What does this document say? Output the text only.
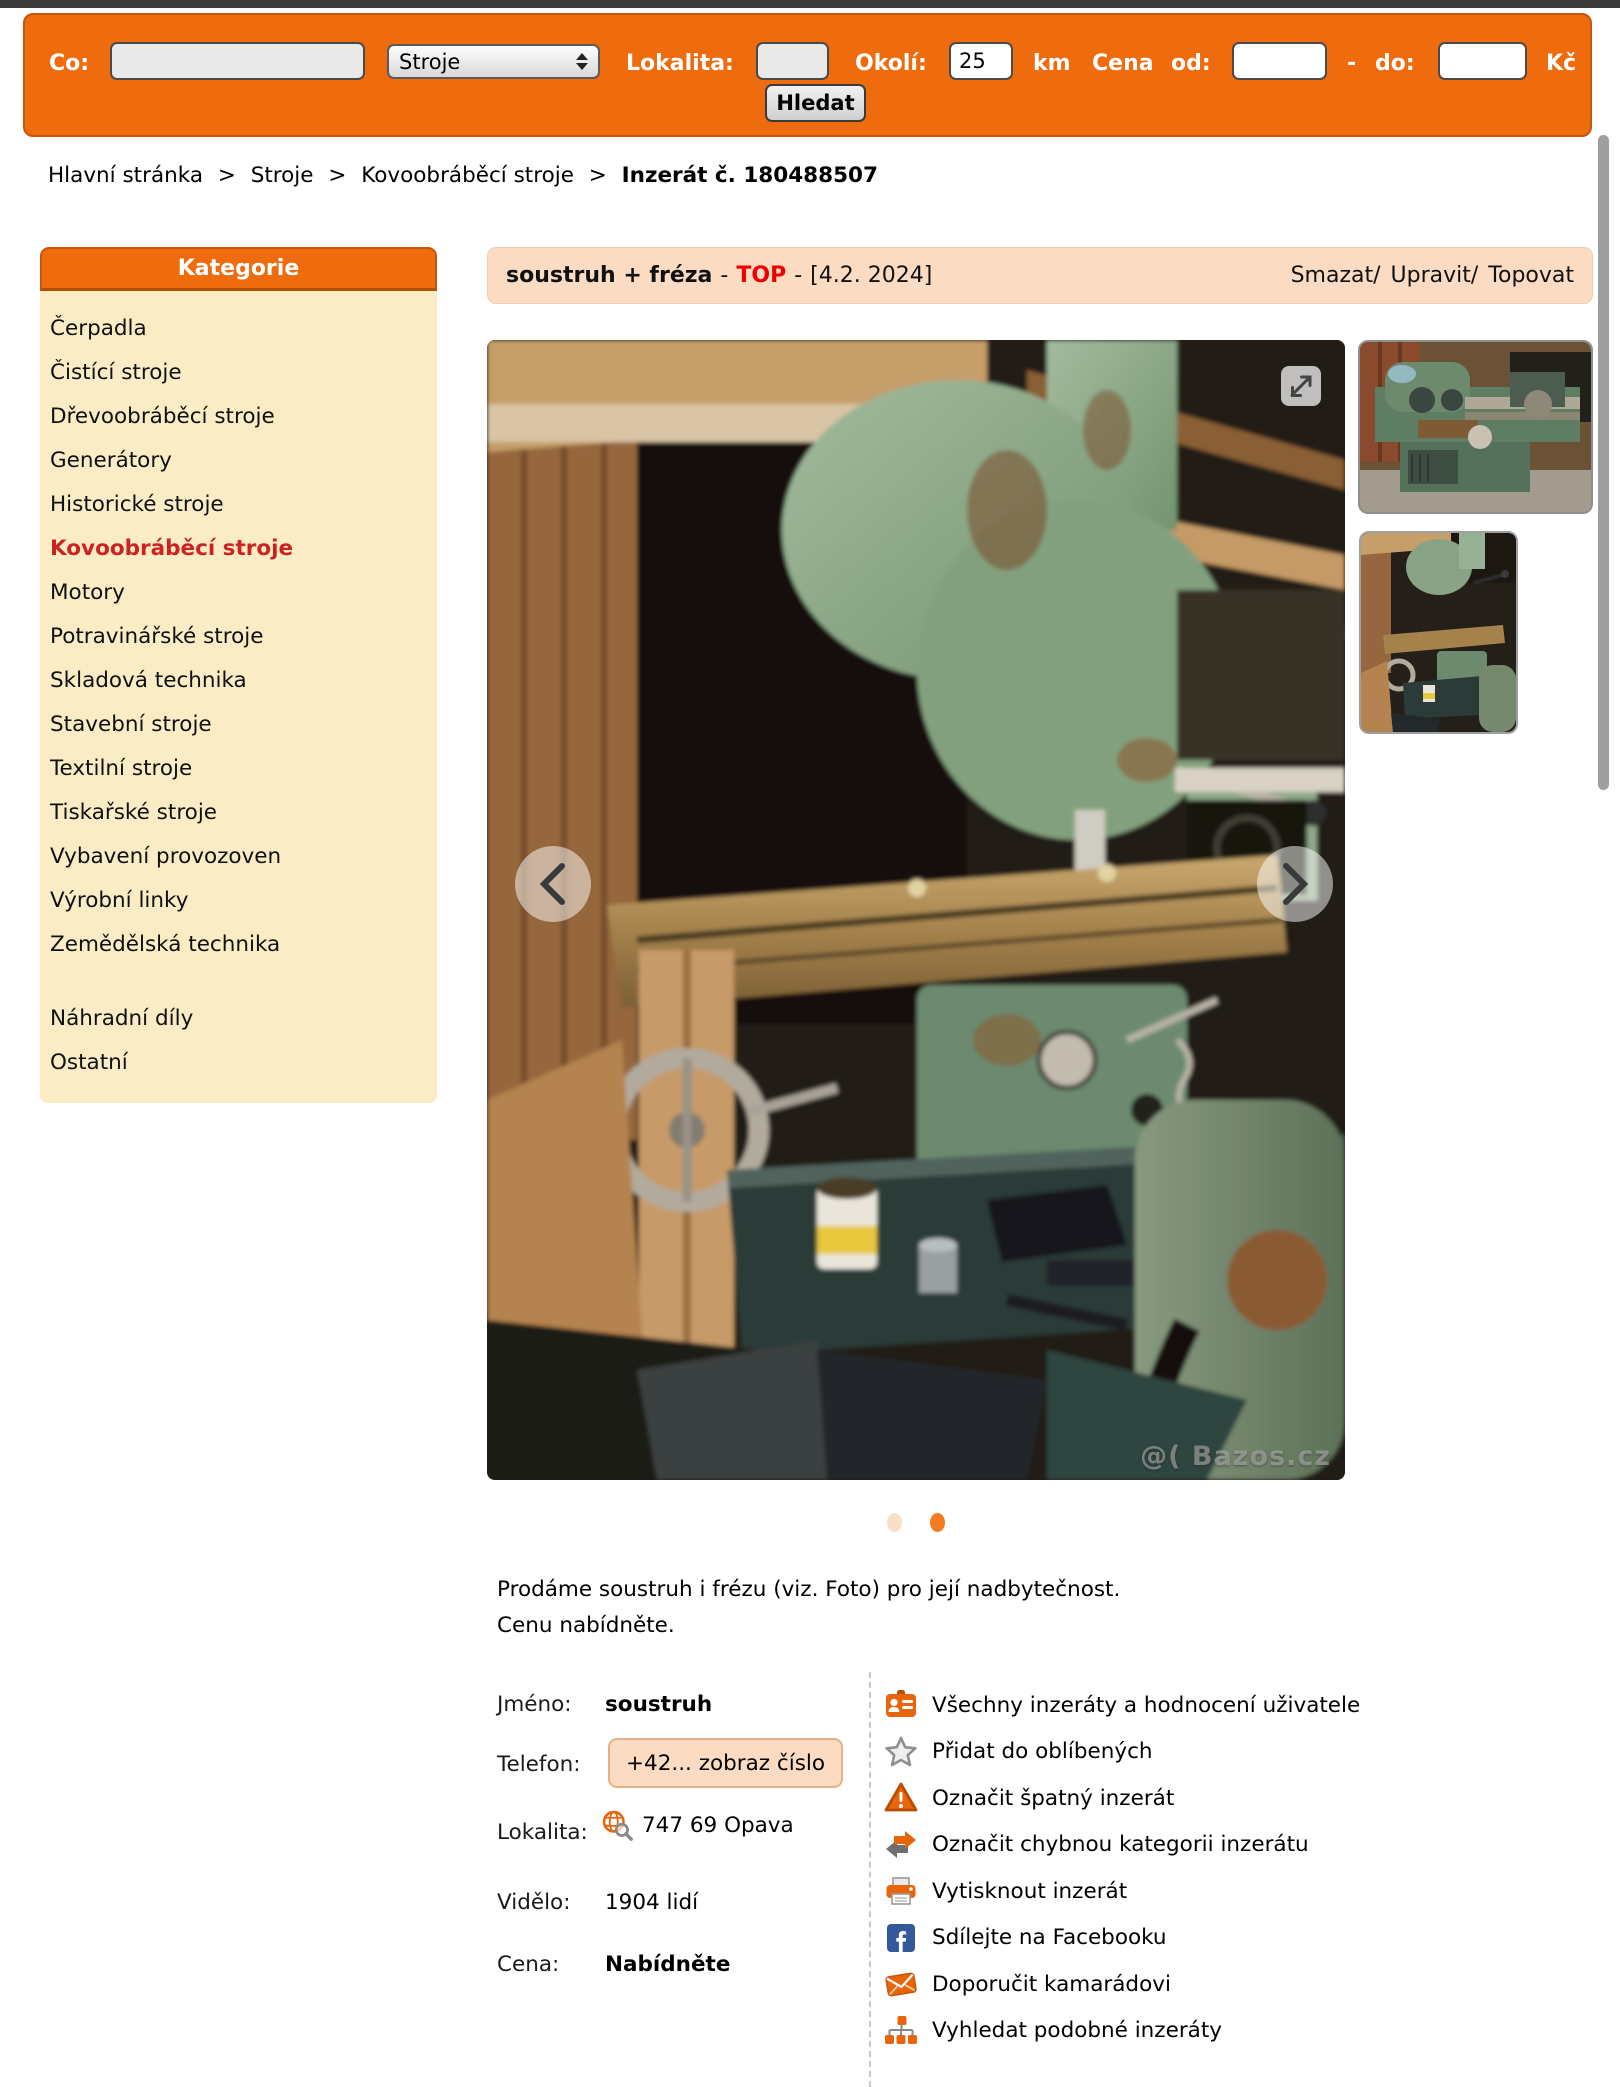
Co:	Stroje	Lokalita:	Okolí:
25	km Cena od:	- do:	Kč
Hledat
Hlavní stránka > Stroje > Kovoobráběcí stroje > Inzerát č. 180488507
Kategorie
Čerpadla
Čistící stroje
Dřevoobráběcí stroje
Generátory
Historické stroje
Kovoobráběcí stroje
Motory
Potravinářské stroje
Skladová technika
Stavební stroje
Textilní stroje
Tiskařské stroje
Vybavení provozoven
Výrobní linky
Zemědělská technika
Náhradní díly
Ostatní
soustruh + fréza - TOP - [4.2. 2024]	Smazat/ Upravit/ Topovat
@( Bazos.cz
Prodáme soustruh i frézu (viz. Foto) pro její nadbytečnost.
Cenu nabídněte.
Jméno: soustruh
Telefon:	+42... zobraz číslo
Lokalita:	747 69 Opava
Vidělo: 1904 lidí
Cena: Nabídněte
Všechny inzeráty a hodnocení uživatele
Přidat do oblíbených
Označit špatný inzerát
Označit chybnou kategorii inzerátu
Vytisknout inzerát
Sdílejte na Facebooku
Doporučit kamarádovi
Vyhledat podobné inzeráty
